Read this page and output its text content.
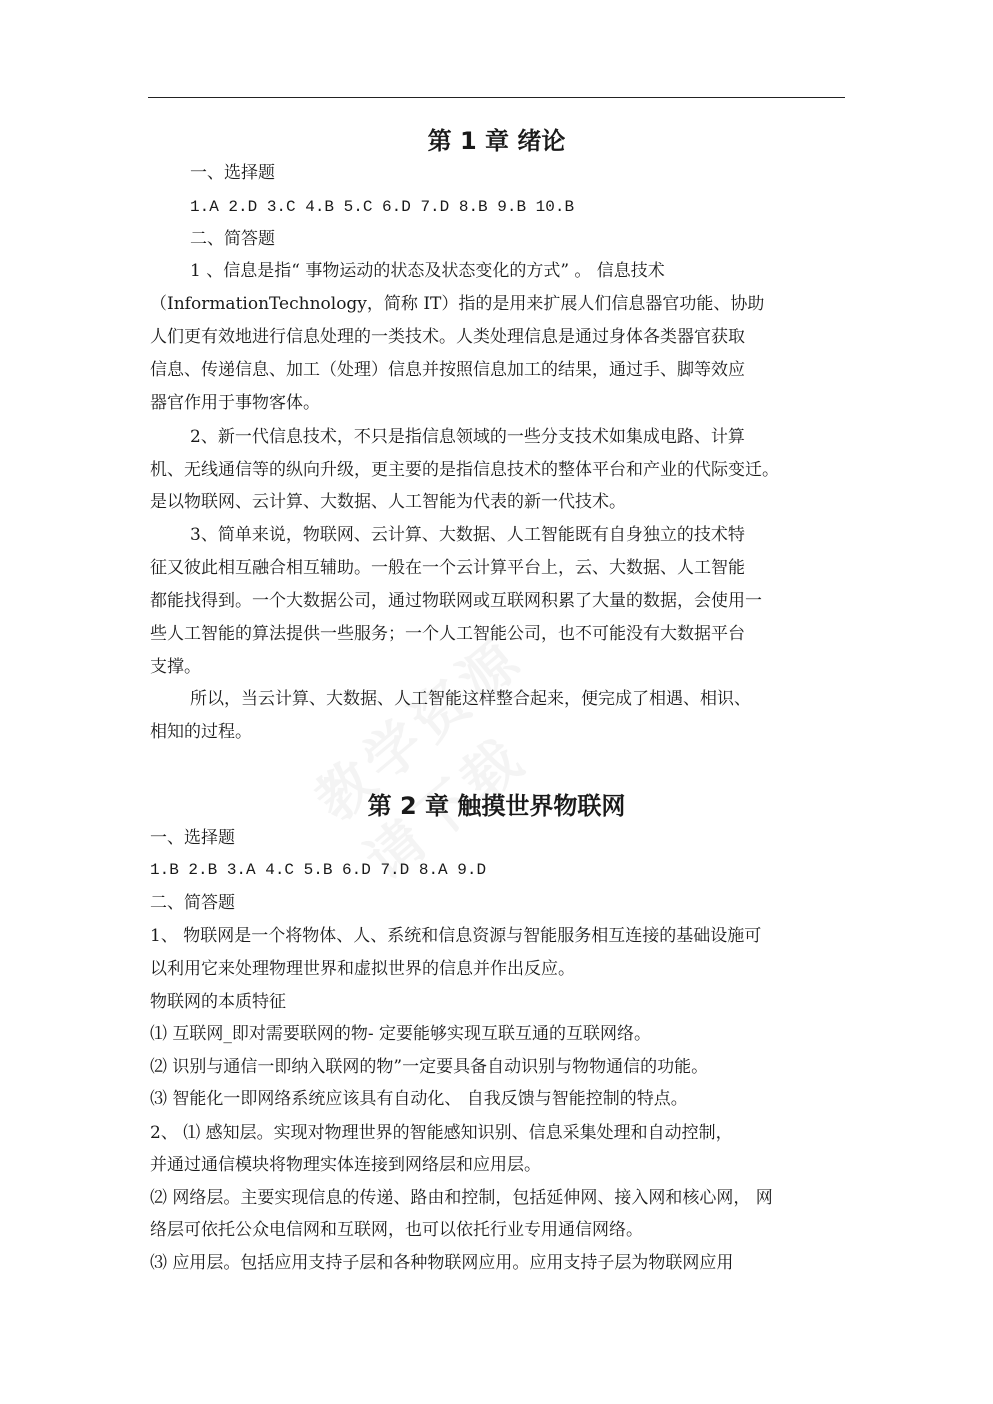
第 1 章 绪论

一、选择题

1.A 2.D 3.C 4.B 5.C 6.D 7.D 8.B 9.B 10.B

二、简答题

1 、信息是指“ 事物运动的状态及状态变化的方式” 。 信息技术

（InformationTechnology，简称 IT）指的是用来扩展人们信息器官功能、协助

人们更有效地进行信息处理的一类技术。人类处理信息是通过身体各类器官获取

信息、传递信息、加工（处理）信息并按照信息加工的结果，通过手、脚等效应

器官作用于事物客体。

2、新一代信息技术，不只是指信息领域的一些分支技术如集成电路、计算

机、无线通信等的纵向升级，更主要的是指信息技术的整体平台和产业的代际变迁。

是以物联网、云计算、大数据、人工智能为代表的新一代技术。

3、简单来说，物联网、云计算、大数据、人工智能既有自身独立的技术特

征又彼此相互融合相互辅助。一般在一个云计算平台上，云、大数据、人工智能

都能找得到。一个大数据公司，通过物联网或互联网积累了大量的数据，会使用一

些人工智能的算法提供一些服务；一个人工智能公司，也不可能没有大数据平台

支撑。

所以，当云计算、大数据、人工智能这样整合起来，便完成了相遇、相识、

相知的过程。

第 2 章 触摸世界物联网

一、选择题

1.B 2.B 3.A 4.C 5.B 6.D 7.D 8.A 9.D

二、简答题

1、 物联网是一个将物体、人、系统和信息资源与智能服务相互连接的基础设施可

以利用它来处理物理世界和虚拟世界的信息并作出反应。

物联网的本质特征

⑴ 互联网_即对需要联网的物- 定要能够实现互联互通的互联网络。

⑵ 识别与通信一即纳入联网的物”一定要具备自动识别与物物通信的功能。

⑶ 智能化一即网络系统应该具有自动化、 自我反馈与智能控制的特点。

2、 ⑴ 感知层。实现对物理世界的智能感知识别、信息采集处理和自动控制，

并通过通信模块将物理实体连接到网络层和应用层。

⑵ 网络层。主要实现信息的传递、路由和控制，包括延伸网、接入网和核心网， 网

络层可依托公众电信网和互联网，也可以依托行业专用通信网络。

⑶ 应用层。包括应用支持子层和各种物联网应用。应用支持子层为物联网应用
